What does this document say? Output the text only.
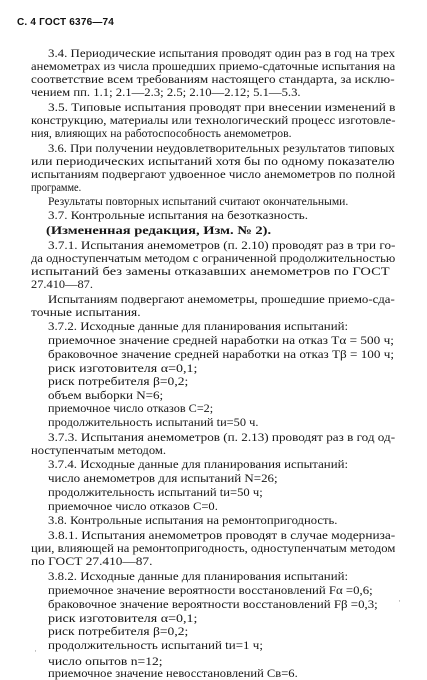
С. 4 ГОСТ 6376—74
3.4. Периодические испытания проводят один раз в год на трех
анемометрах из числа прошедших приемо-сдаточные испытания на
соответствие всем требованиям настоящего стандарта, за исклю-
чением пп. 1.1; 2.1—2.3; 2.5; 2.10—2.12; 5.1—5.3.
3.5. Типовые испытания проводят при внесении изменений в
конструкцию, материалы или технологический процесс изготовле-
ния, влияющих на работоспособность анемометров.
3.6. При получении неудовлетворительных результатов типовых
или периодических испытаний хотя бы по одному показателю
испытаниям подвергают удвоенное число анемометров по полной
программе.
Результаты повторных испытаний считают окончательными.
3.7. Контрольные испытания на безотказность.
(Измененная редакция, Изм. № 2).
3.7.1. Испытания анемометров (п. 2.10) проводят раз в три го-
да одноступенчатым методом с ограниченной продолжительностью
испытаний без замены отказавших анемометров по ГОСТ
27.410—87.
Испытаниям подвергают анемометры, прошедшие приемо-сда-
точные испытания.
3.7.2. Исходные данные для планирования испытаний:
приемочное значение средней наработки на отказ Tα = 500 ч;
браковочное значение средней наработки на отказ Tβ = 100 ч;
риск изготовителя α=0,1;
риск потребителя β=0,2;
объем выборки N=6;
приемочное число отказов C=2;
продолжительность испытаний tи=50 ч.
3.7.3. Испытания анемометров (п. 2.13) проводят раз в год од-
ноступенчатым методом.
3.7.4. Исходные данные для планирования испытаний:
число анемометров для испытаний N=26;
продолжительность испытаний tи=50 ч;
приемочное число отказов C=0.
3.8. Контрольные испытания на ремонтопригодность.
3.8.1. Испытания анемометров проводят в случае модерниза-
ции, влияющей на ремонтопригодность, одноступенчатым методом
по ГОСТ 27.410—87.
3.8.2. Исходные данные для планирования испытаний:
приемочное значение вероятности восстановлений Fα =0,6;
браковочное значение вероятности восстановлений Fβ =0,3;
риск изготовителя α=0,1;
риск потребителя β=0,2;
продолжительность испытаний tи=1 ч;
число опытов n=12;
приемочное значение невосстановлений Cв=6.
·
·
